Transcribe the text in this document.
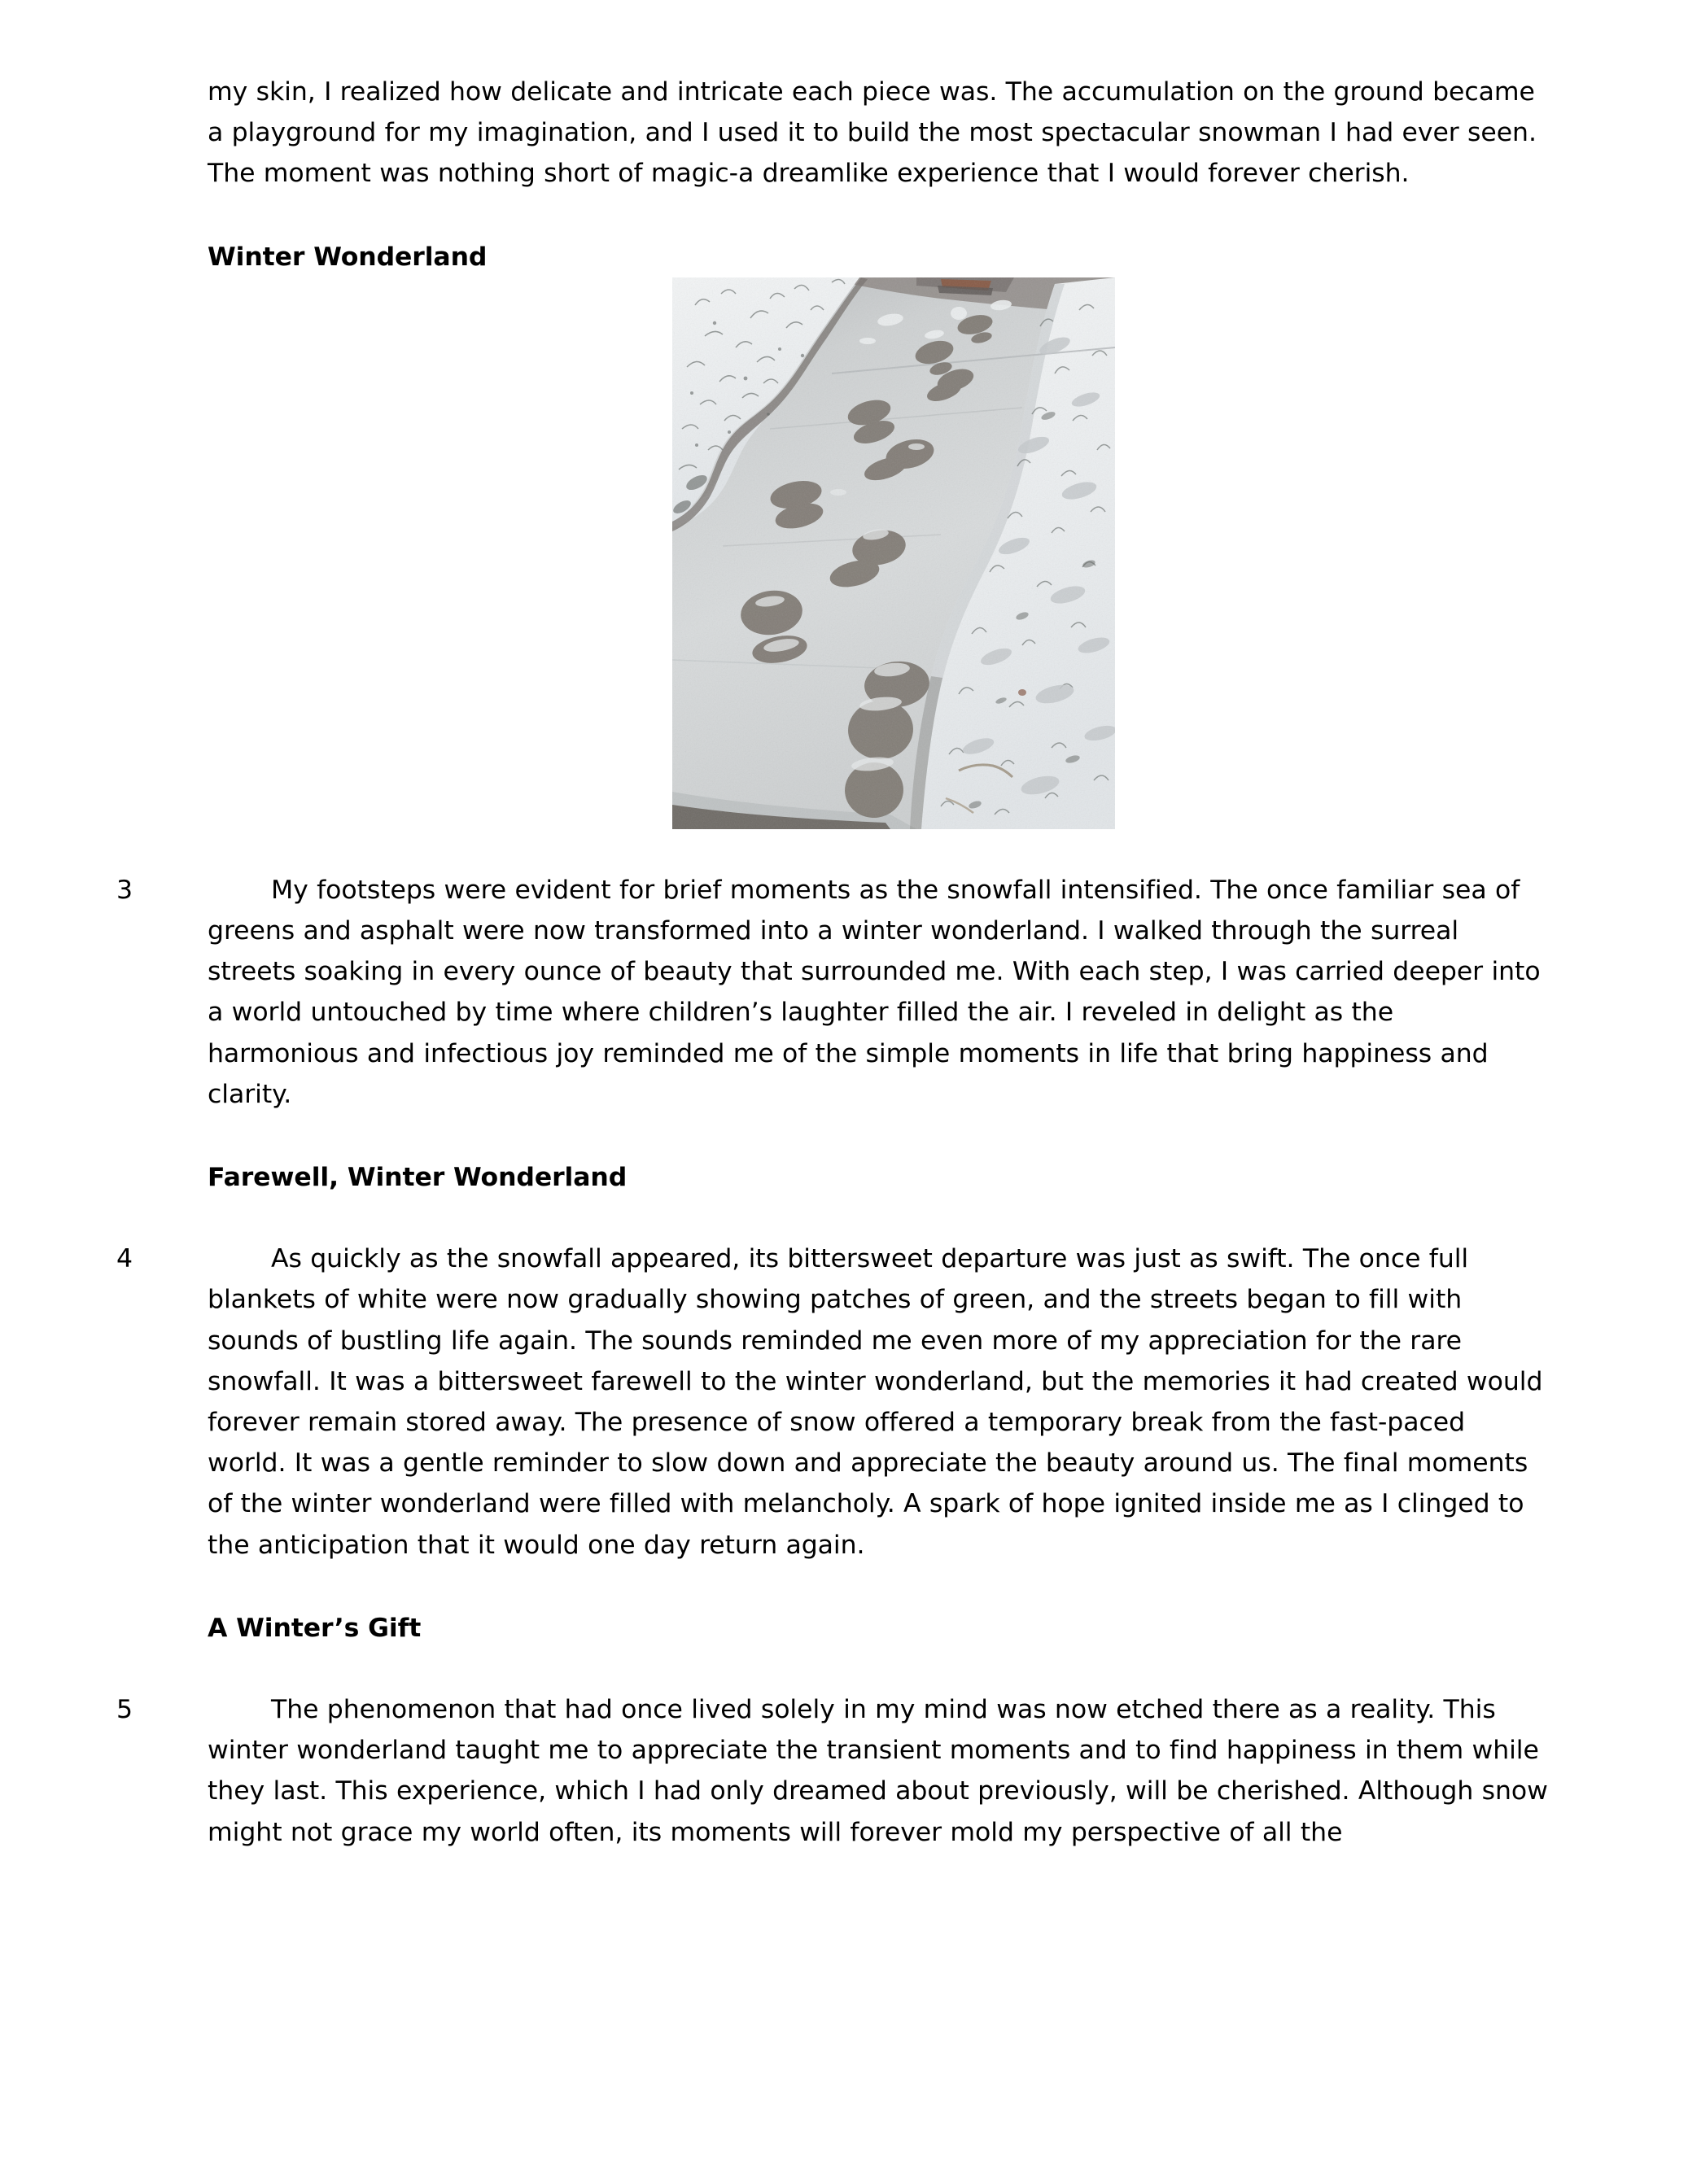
my skin, I realized how delicate and intricate each piece was. The accumulation on the ground became a playground for my imagination, and I used it to build the most spectacular snowman I had ever seen. The moment was nothing short of magic-a dreamlike experience that I would forever cherish.

Winter Wonderland

3	My footsteps were evident for brief moments as the snowfall intensified. The once familiar sea of greens and asphalt were now transformed into a winter wonderland. I walked through the surreal streets soaking in every ounce of beauty that surrounded me. With each step, I was carried deeper into a world untouched by time where children’s laughter filled the air. I reveled in delight as the harmonious and infectious joy reminded me of the simple moments in life that bring happiness and clarity.

Farewell, Winter Wonderland

4	As quickly as the snowfall appeared, its bittersweet departure was just as swift. The once full blankets of white were now gradually showing patches of green, and the streets began to fill with sounds of bustling life again. The sounds reminded me even more of my appreciation for the rare snowfall. It was a bittersweet farewell to the winter wonderland, but the memories it had created would forever remain stored away. The presence of snow offered a temporary break from the fast-paced world. It was a gentle reminder to slow down and appreciate the beauty around us. The final moments of the winter wonderland were filled with melancholy. A spark of hope ignited inside me as I clinged to the anticipation that it would one day return again.

A Winter’s Gift

5	The phenomenon that had once lived solely in my mind was now etched there as a reality. This winter wonderland taught me to appreciate the transient moments and to find happiness in them while they last. This experience, which I had only dreamed about previously, will be cherished. Although snow might not grace my world often, its moments will forever mold my perspective of all the
